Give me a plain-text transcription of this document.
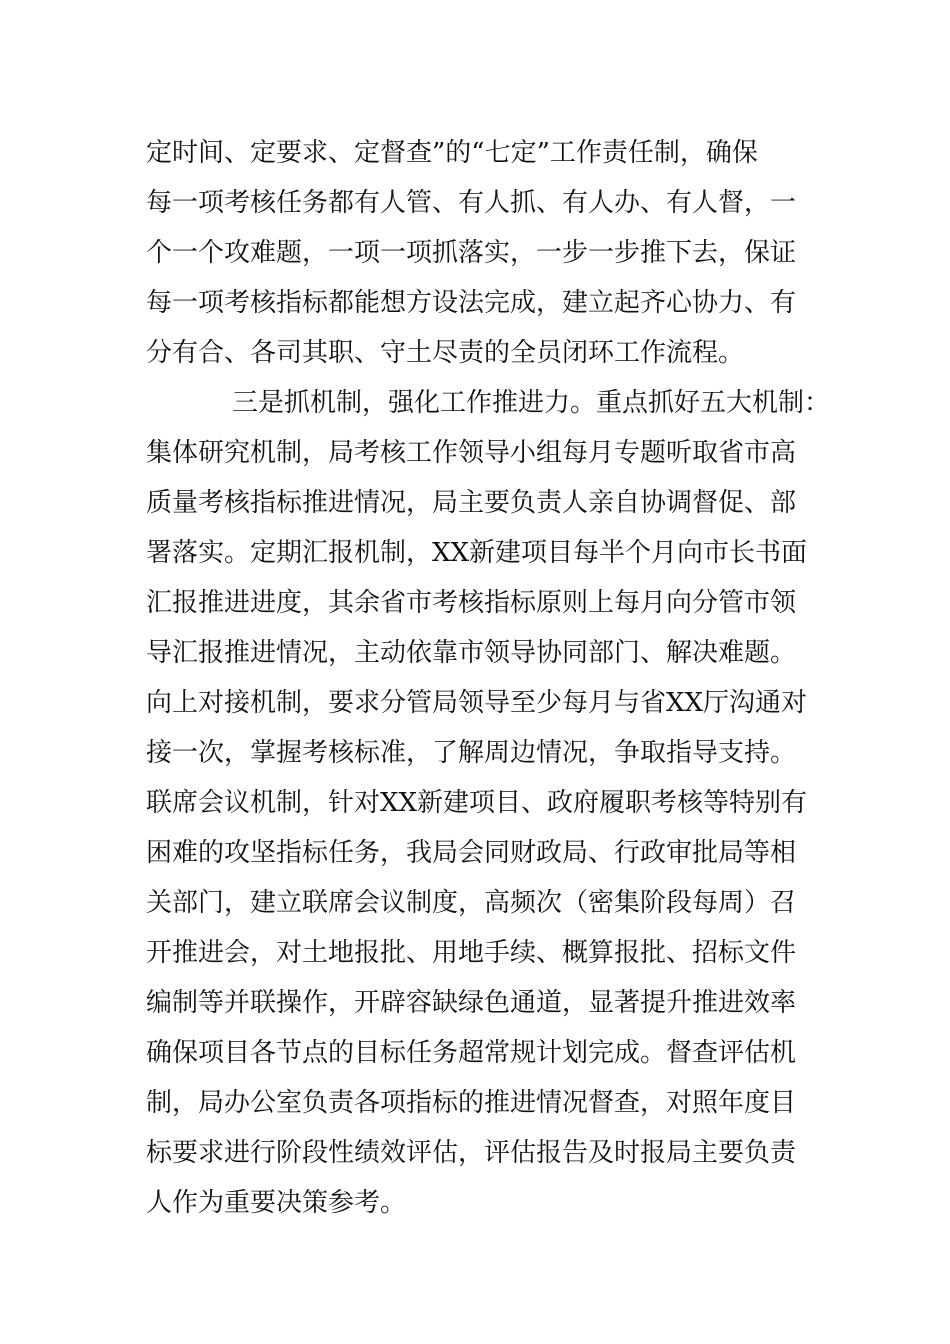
定时间、定要求、定督查”的“七定”工作责任制，确保
每一项考核任务都有人管、有人抓、有人办、有人督，一
个一个攻难题，一项一项抓落实，一步一步推下去，保证
每一项考核指标都能想方设法完成，建立起齐心协力、有
分有合、各司其职、守土尽责的全员闭环工作流程。
三是抓机制，强化工作推进力。重点抓好五大机制：
集体研究机制，局考核工作领导小组每月专题听取省市高
质量考核指标推进情况，局主要负责人亲自协调督促、部
署落实。定期汇报机制，XX新建项目每半个月向市长书面
汇报推进进度，其余省市考核指标原则上每月向分管市领
导汇报推进情况，主动依靠市领导协同部门、解决难题。
向上对接机制，要求分管局领导至少每月与省XX厅沟通对
接一次，掌握考核标准，了解周边情况，争取指导支持。
联席会议机制，针对XX新建项目、政府履职考核等特别有
困难的攻坚指标任务，我局会同财政局、行政审批局等相
关部门，建立联席会议制度，高频次（密集阶段每周）召
开推进会，对土地报批、用地手续、概算报批、招标文件
编制等并联操作，开辟容缺绿色通道，显著提升推进效率
确保项目各节点的目标任务超常规计划完成。督查评估机
制，局办公室负责各项指标的推进情况督查，对照年度目
标要求进行阶段性绩效评估，评估报告及时报局主要负责
人作为重要决策参考。
